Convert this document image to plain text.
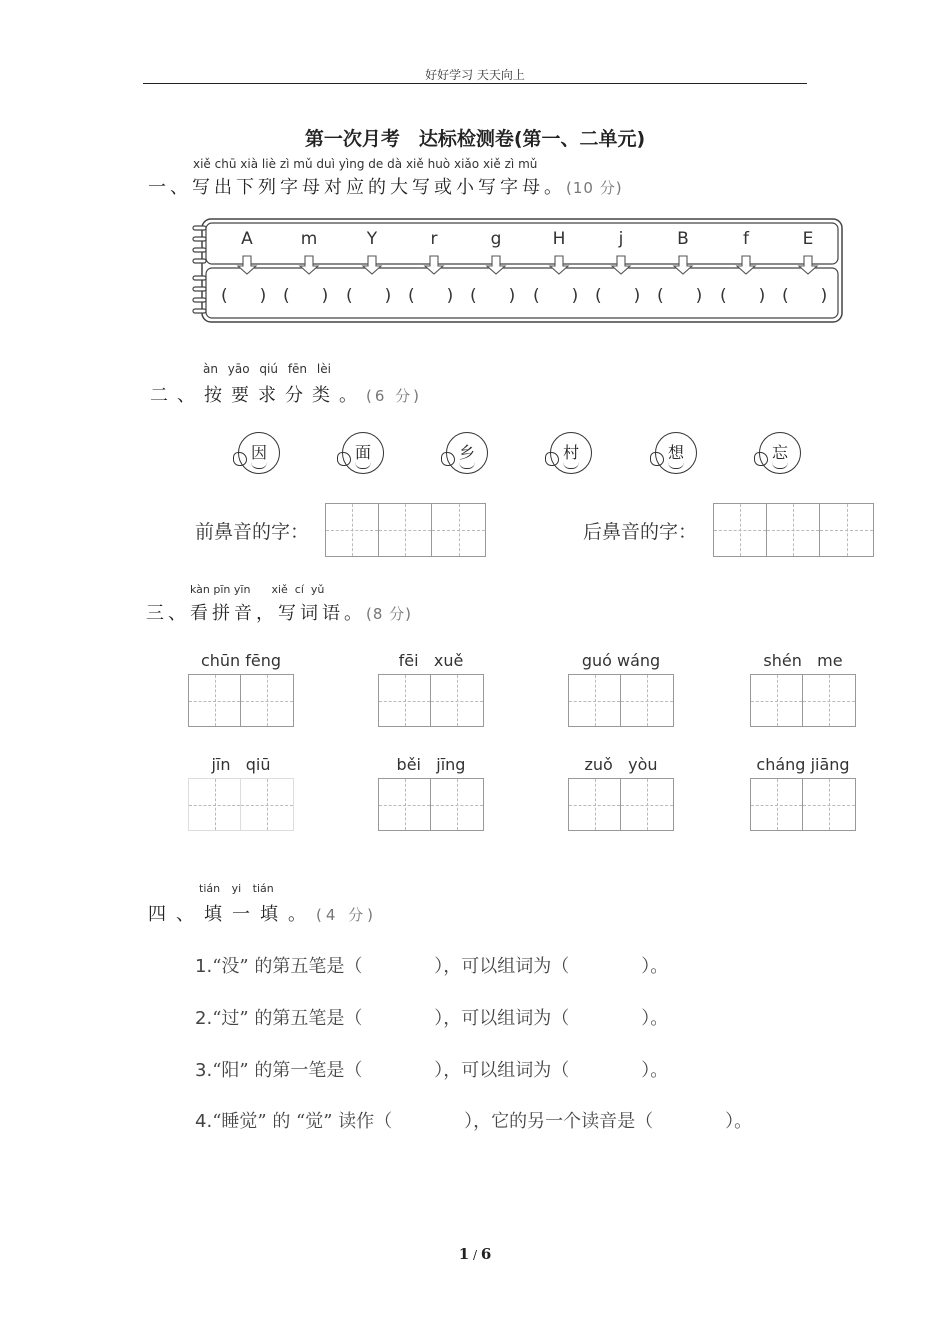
好好学习 天天向上
第一次月考　达标检测卷(第一、二单元)
xiě chū xià liè zì mǔ duì yìng de dà xiě huò xiǎo xiě zì mǔ
一、写出下列字母对应的大写或小写字母。(10 分)
A	m	Y	r	g	H	j	B	f	E
( ) ( ) ( ) ( ) ( ) ( ) ( ) ( ) ( ) ( )
àn yāo qiú fēn lèi
二、按要求分类。(6 分)
因	面	乡	村	想	忘
前鼻音的字：	后鼻音的字：
kàn pīn yīn xiě cí yǔ
三、看拼音，写词语。(8 分)
chūn fēng	fēi xuě	guó wáng	shén me
jīn qiū	běi jīng	zuǒ yòu	cháng jiāng
tián yi tián
四、填一填。(4 分)
1.“没” 的第五笔是（　　　　），可以组词为（　　　　）。
2.“过” 的第五笔是（　　　　），可以组词为（　　　　）。
3.“阳” 的第一笔是（　　　　），可以组词为（　　　　）。
4.“睡觉” 的 “觉” 读作（　　　　），它的另一个读音是（　　　　）。
1 / 6
